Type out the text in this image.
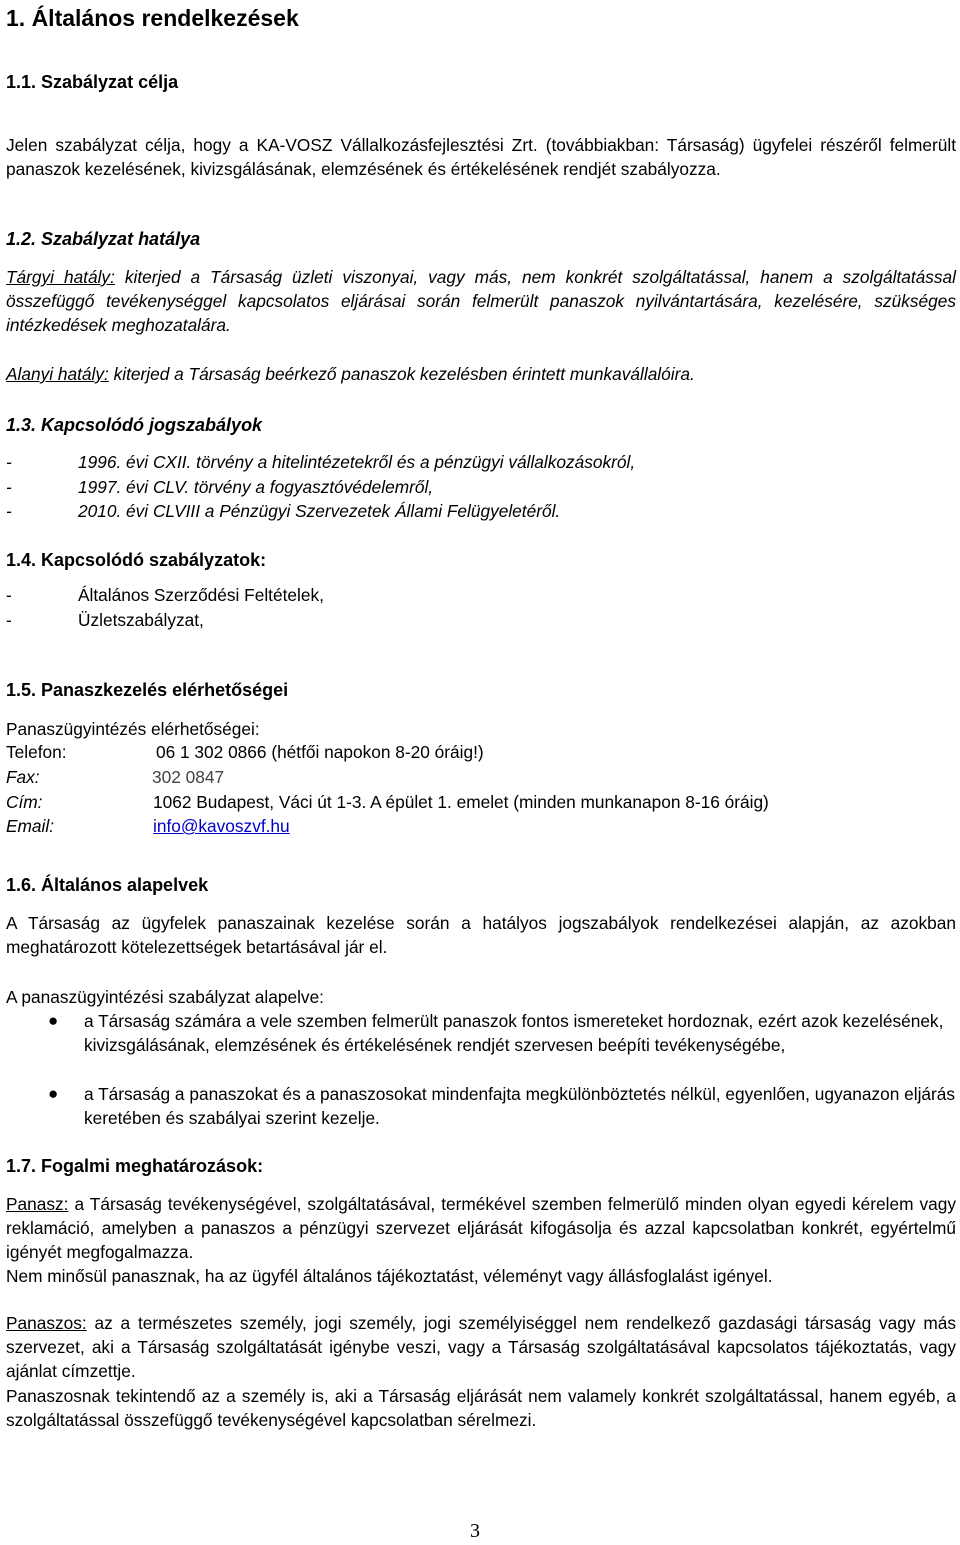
1. Általános rendelkezések
1.1. Szabályzat célja
Jelen szabályzat célja, hogy a KA-VOSZ Vállalkozásfejlesztési Zrt. (továbbiakban: Társaság) ügyfelei részéről felmerült panaszok kezelésének, kivizsgálásának, elemzésének és értékelésének rendjét szabályozza.
1.2. Szabályzat hatálya
Tárgyi hatály: kiterjed a Társaság üzleti viszonyai, vagy más, nem konkrét szolgáltatással, hanem a szolgáltatással összefüggő tevékenységgel kapcsolatos eljárásai során felmerült panaszok nyilvántartására, kezelésére, szükséges intézkedések meghozatalára.
Alanyi hatály: kiterjed a Társaság beérkező panaszok kezelésben érintett munkavállalóira.
1.3. Kapcsolódó jogszabályok
-	1996. évi CXII. törvény a hitelintézetekről és a pénzügyi vállalkozásokról,
-	1997. évi CLV. törvény a fogyasztóvédelemről,
-	2010. évi CLVIII a Pénzügyi Szervezetek Állami Felügyeletéről.
1.4. Kapcsolódó szabályzatok:
-	Általános Szerződési Feltételek,
-	Üzletszabályzat,
1.5. Panaszkezelés elérhetőségei
Panaszügyintézés elérhetőségei:
Telefon:	06 1 302 0866 (hétfői napokon 8-20 óráig!)
Fax:	302 0847
Cím:	1062 Budapest, Váci út 1-3. A épület 1. emelet (minden munkanapon 8-16 óráig)
Email:	info@kavoszvf.hu
1.6. Általános alapelvek
A Társaság az ügyfelek panaszainak kezelése során a hatályos jogszabályok rendelkezései alapján, az azokban meghatározott kötelezettségek betartásával jár el.
A panaszügyintézési szabályzat alapelve:
● a Társaság számára a vele szemben felmerült panaszok fontos ismereteket hordoznak, ezért azok kezelésének, kivizsgálásának, elemzésének és értékelésének rendjét szervesen beépíti tevékenységébe,
● a Társaság a panaszokat és a panaszosokat mindenfajta megkülönböztetés nélkül, egyenlően, ugyanazon eljárás keretében és szabályai szerint kezelje.
1.7. Fogalmi meghatározások:
Panasz: a Társaság tevékenységével, szolgáltatásával, termékével szemben felmerülő minden olyan egyedi kérelem vagy reklamáció, amelyben a panaszos a pénzügyi szervezet eljárását kifogásolja és azzal kapcsolatban konkrét, egyértelmű igényét megfogalmazza.
Nem minősül panasznak, ha az ügyfél általános tájékoztatást, véleményt vagy állásfoglalást igényel.
Panaszos: az a természetes személy, jogi személy, jogi személyiséggel nem rendelkező gazdasági társaság vagy más szervezet, aki a Társaság szolgáltatását igénybe veszi, vagy a Társaság szolgáltatásával kapcsolatos tájékoztatás, vagy ajánlat címzettje.
Panaszosnak tekintendő az a személy is, aki a Társaság eljárását nem valamely konkrét szolgáltatással, hanem egyéb, a szolgáltatással összefüggő tevékenységével kapcsolatban sérelmezi.
3
